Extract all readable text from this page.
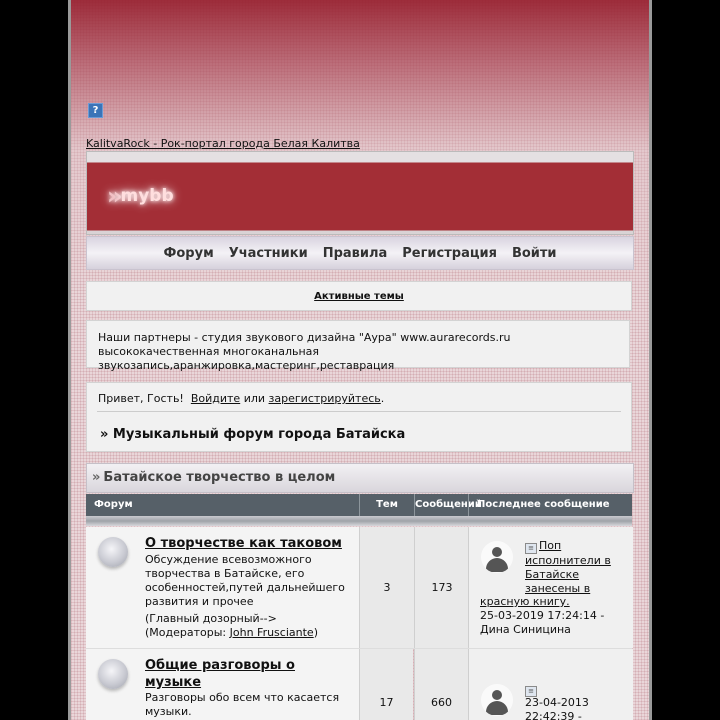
?
KalitvaRock - Рок-портал города Белая Калитва
» mybb
Форум Участники Правила Регистрация Войти
Активные темы
Наши партнеры - студия звукового дизайна "Аура" www.aurarecords.ru
высококачественная многоканальная звукозапись,аранжировка,мастеринг,реставрация
Привет, Гость! Войдите или зарегистрируйтесь.
» Музыкальный форум города Батайска
» Батайское творчество в целом
Форум	Тем	Сообщений
Последнее сообщение
О творчестве как таковом
Обсуждение всевозможного творчества в Батайске, его особенностей,путей дальнейшего развития и прочее
(Главный дозорный-->
(Модераторы: John Frusciante)
3	173
≡ Поп исполнители в Батайске занесены в
красную книгу.
25-03-2019 17:24:14 -
Дина Синицина
Общие разговоры о музыке
Разговоры обо всем что касается музыки.
17	660
≡
23-04-2013 22:42:39 -
